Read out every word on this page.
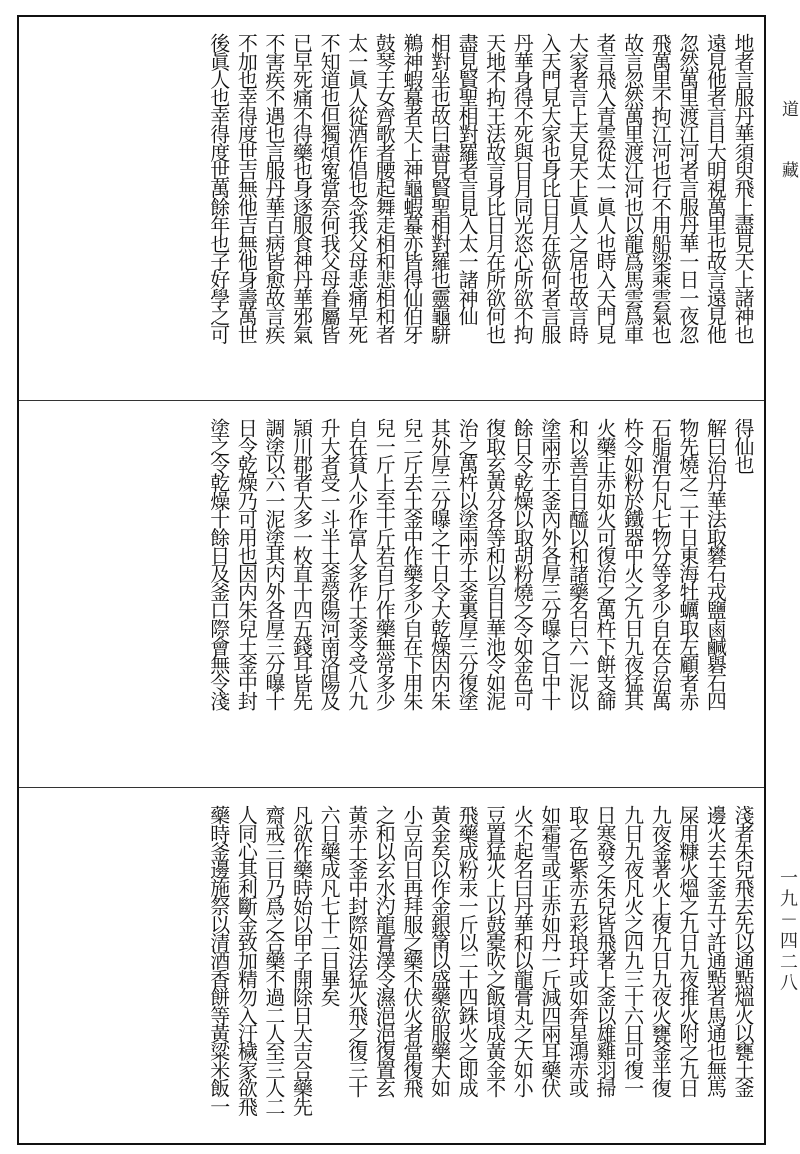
地者言服丹華須臾飛上盡見天上諸神也
遠見他者言目大明視萬里也故言遠見他
忽然萬里渡江河者言服丹華一日一夜忽
飛萬里不拘江河也行不用船梁乘雲氣也
故言忽然萬里渡江河也以龍爲馬雲爲車
者言飛入青雲從太一眞人也時入天門見
大家者言上天見天上眞人之居也故言時
入天門見大家也身比日月在欲何者言服
丹華身得不死與日月同光恣心所欲不拘
天地不拘王法故言身比日月在所欲何也
盡見賢聖相對羅者言見入太一諸神仙
相對坐也故曰盡見賢聖相對羅也靈龜駢
鵜神蝦蟇者天上神龜蝦蟇亦皆得仙伯牙
鼓琴王女齊歌者腰起舞走相和悲相和者
太一眞人從酒作倡也念我父母悲痛早死
不知道也但獨煩寃當奈何我父母眷屬皆
已早死痛不得藥也身逐服食神丹華邪氣
不害疾不遇也言服丹華百病皆愈故言疾
不加也幸得度世吉無他吉無他身壽萬世
後眞人也幸得度世萬餘年也子好學之可
得仙也
解曰治丹華法取礬石戎鹽鹵鹹礜石四
物先燒之二十日東海牡蠣取左顧者赤
石脂滑石凡七物分等多少自在合治萬
杵令如粉於鐵器中火之九日九夜猛其
火藥正赤如火可復治之萬杵下餠支篩
和以善百日醯以和諸藥名曰六一泥以
塗兩赤土釜內外各厚三分曝之日中十
餘日令乾燥以取胡粉燒之令如金色可
復取玄黃分各等和以百日華池令如泥
治之萬杵以塗兩赤土釜裏厚三分復塗
其外厚三分曝之十日令大乾燥因内朱
兒二斤去土釜中作藥多少自在下用朱
兒一斤上至十斤若百斤作藥無常多少
自在貧人少作富人多作土釜令受八九
升大者受一斗半土釜滎陽河南洛陽及
頴川郡者大多一枚直十四五錢耳皆先
調塗以六一泥塗其内外各厚三分曝十
日令乾燥乃可用也因内朱兒土釜中封
塗之令乾燥十餘日及釜口際會無令淺
淺者朱兒飛去先以通㸃熅火以甕土釜
邊火去土釜五寸許通㸃者馬通也無馬
屎用糠火熅之九日九夜推火附之九日
九夜釜著火上復九日九夜火甕釜半復
九日九夜凡火之四九三十六日可復一
日寒發之朱兒皆飛著上釜以雄雞羽掃
取之色紫赤五彩琅玕或如奔星鴻赤或
如霜雪或正赤如丹一斤減四兩耳藥伏
火不起名曰丹華和以龍膏丸之大如小
豆置猛火上以鼓橐吹之飯頃成黃金不
飛藥成粉汞一斤以二十四銖火之即成
黃金矣以作金銀筩以盛藥欲服藥大如
小豆向日再拜服之藥不伏火者當復飛
之和以玄水汋龍膏澤令濕浥浥復置玄
黃赤土釜中封際如法猛火飛之復三十
六日藥成凡七十二日畢矣
凡欲作藥時始以甲子開除日大吉合藥先
齋戒三日乃爲之合藥不過二人至三人二
人同心其利斷金致加精勿入汙穢家欲飛
藥時釜邊施祭以清酒香餅等黃粱米飯一
道藏
一九－四二八
